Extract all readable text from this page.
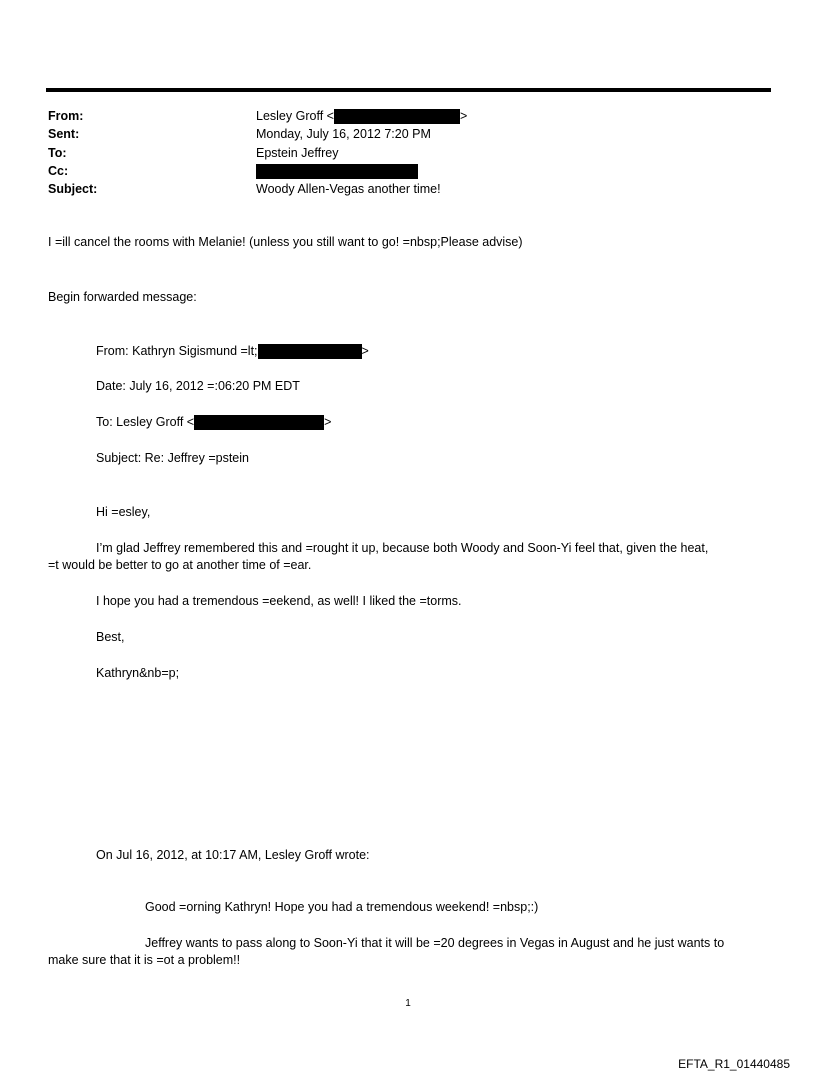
From:	Lesley Groff <	>
Sent:	Monday, July 16, 2012 7:20 PM
To:	Epstein Jeffrey
Cc:
Subject:	Woody Allen-Vegas another time!
I =ill cancel the rooms with Melanie! (unless you still want to go! =nbsp;Please advise)
Begin forwarded message:
From: Kathryn Sigismund =lt;	>
Date: July 16, 2012 =:06:20 PM EDT
To: Lesley Groff <	>
Subject: Re: Jeffrey =pstein
Hi =esley,
I’m glad Jeffrey remembered this and =rought it up, because both Woody and Soon-Yi feel that, given the heat,
=t would be better to go at another time of =ear.
I hope you had a tremendous =eekend, as well! I liked the =torms.
Best,
Kathryn&nb=p;
On Jul 16, 2012, at 10:17 AM, Lesley Groff wrote:
Good =orning Kathryn! Hope you had a tremendous weekend! =nbsp;:)
Jeffrey wants to pass along to Soon-Yi that it will be =20 degrees in Vegas in August and he just wants to
make sure that it is =ot a problem!!
1
EFTA_R1_01440485
